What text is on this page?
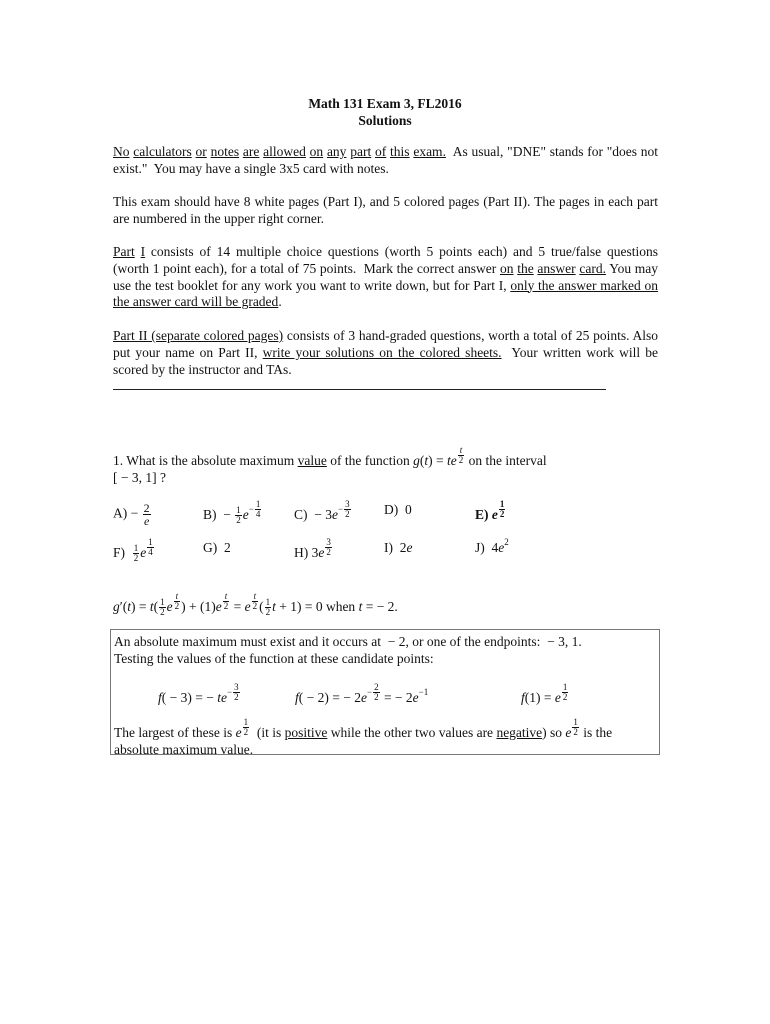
Math 131 Exam 3, FL2016
Solutions
No calculators or notes are allowed on any part of this exam.  As usual, "DNE" stands for "does not exist."  You may have a single 3x5 card with notes.
This exam should have 8 white pages (Part I), and 5 colored pages (Part II). The pages in each part are numbered in the upper right corner.
Part I consists of 14 multiple choice questions (worth 5 points each) and 5 true/false questions (worth 1 point each), for a total of 75 points.  Mark the correct answer on the answer card. You may use the test booklet for any work you want to write down, but for Part I, only the answer marked on the answer card will be graded.
Part II (separate colored pages) consists of 3 hand-graded questions, worth a total of 25 points. Also put your name on Part II, write your solutions on the colored sheets.  Your written work will be scored by the instructor and TAs.
1. What is the absolute maximum value of the function g(t) = te $^{\frac{t}{2}}$ on the interval [ − 3, 1] ?
$A) - \frac{2}{e}$	$B) - \frac{1}{2} e^{- \frac{1}{4}}$ $C) - 3e^{- \frac{3}{2}}$ D)  0	E) e $^{\frac{1}{2}}$
$F) \frac{1}{2}$ e $^{\frac{1}{4}}$	G)  2	H) 3e $^{\frac{3}{2}}$	I)  2e	J)  $4e^2$
$g'(t) = t( \frac{1}{2}$ e $^{\frac{t}{2}}$ ) + (1)e $^{\frac{t}{2}}$ = e $^{\frac{t}{2}}$ ( $\frac{1}{2}$ t + 1) = 0 when t = − 2.
An absolute maximum must exist and it occurs at  − 2, or one of the endpoints:  − 3, 1.
Testing the values of the function at these candidate points:
f( − 3) = − $te^{- \frac{3}{2}}$	f( − 2) = − $2e^{- \frac{2}{2}}$ = − $2e^{-1}$	f(1) = e $^{\frac{1}{2}}$
The largest of these is e $^{\frac{1}{2}}$ (it is positive while the other two values are negative) so e $^{\frac{1}{2}}$ is the absolute maximum value.
